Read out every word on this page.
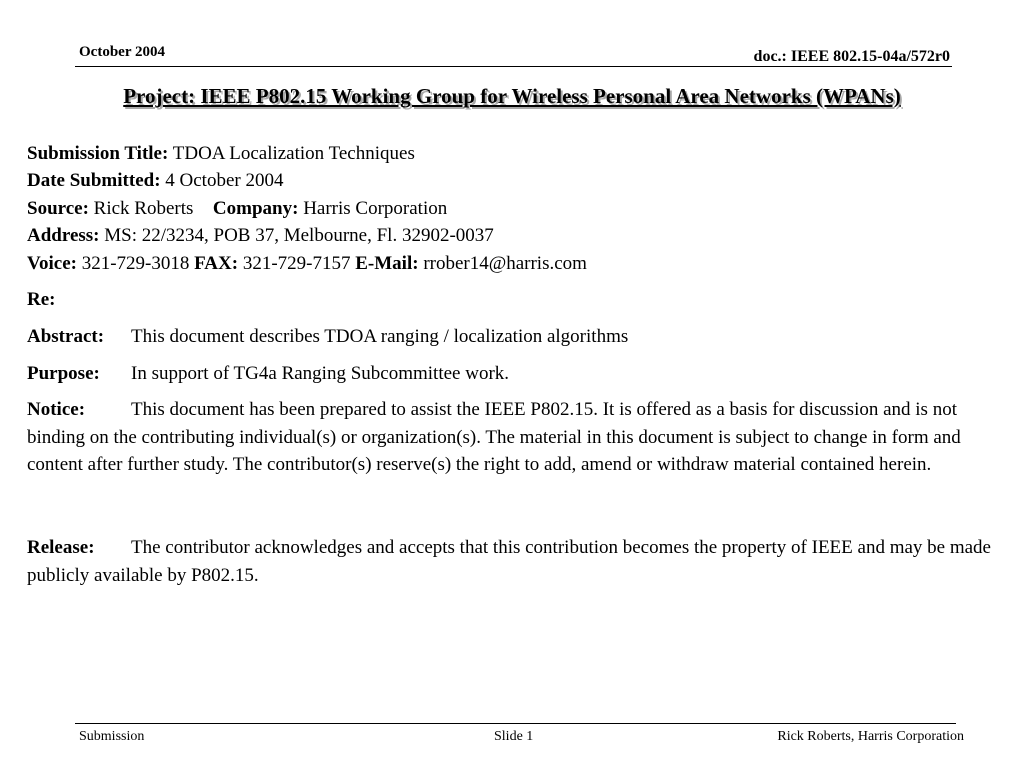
October 2004	doc.: IEEE 802.15-04a/572r0
Project: IEEE P802.15 Working Group for Wireless Personal Area Networks (WPANs)
Submission Title: TDOA Localization Techniques
Date Submitted: 4 October 2004
Source: Rick Roberts Company: Harris Corporation
Address: MS: 22/3234, POB 37, Melbourne, Fl. 32902-0037
Voice: 321-729-3018 FAX: 321-729-7157 E-Mail: rrober14@harris.com
Re:
Abstract: This document describes TDOA ranging / localization algorithms
Purpose: In support of TG4a Ranging Subcommittee work.
Notice: This document has been prepared to assist the IEEE P802.15. It is offered as a basis for discussion and is not binding on the contributing individual(s) or organization(s). The material in this document is subject to change in form and content after further study. The contributor(s) reserve(s) the right to add, amend or withdraw material contained herein.
Release: The contributor acknowledges and accepts that this contribution becomes the property of IEEE and may be made publicly available by P802.15.
Submission	Slide 1	Rick Roberts, Harris Corporation
